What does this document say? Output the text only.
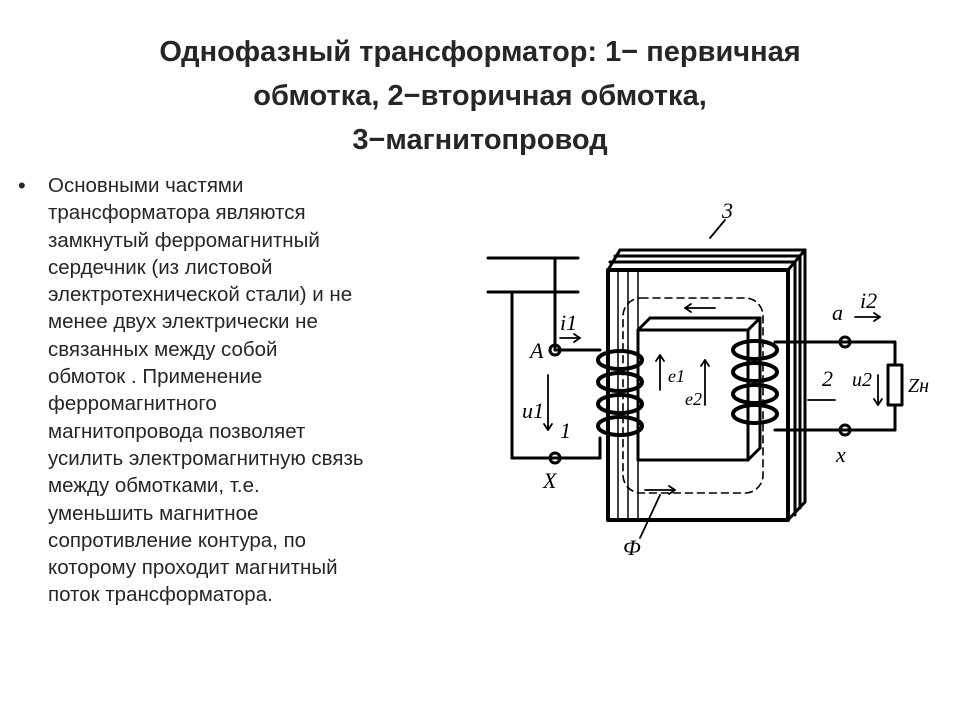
Однофазный трансформатор: 1− первичная
обмотка, 2−вторичная обмотка,
3−магнитопровод
• Основными частями
трансформатора являются
замкнутый ферромагнитный
сердечник (из листовой
электротехнической стали) и не
менее двух электрически не
связанных между собой
обмоток . Применение
ферромагнитного
магнитопровода позволяет
усилить электромагнитную связь
между обмотками, т.е.
уменьшить магнитное
сопротивление контура, по
которому проходит магнитный
поток трансформатора.
3
A
X
i1
u1
1
e1
e2
a i2
2 u2
x
Zн
Ф
